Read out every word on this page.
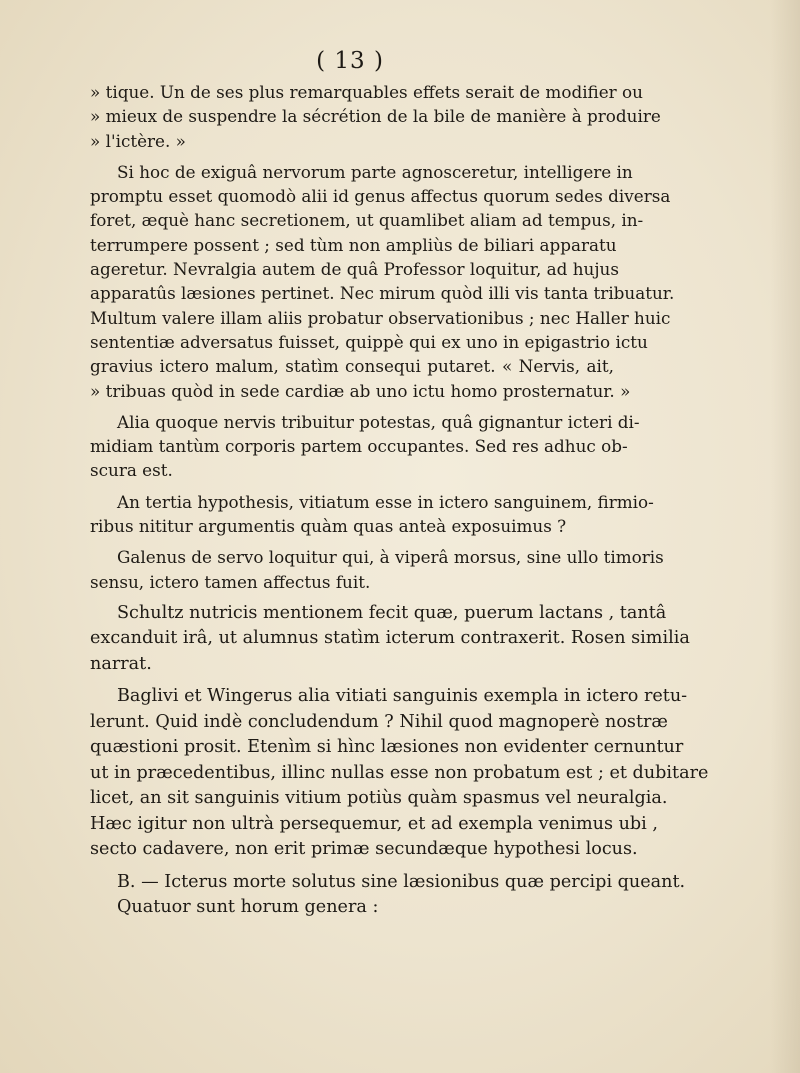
( 13 )
» tique. Un de ses plus remarquables effets serait de modifier ou
» mieux de suspendre la sécrétion de la bile de manière à produire
» l'ictère. »
Si hoc de exiguâ nervorum parte agnosceretur, intelligere in
promptu esset quomodò alii id genus affectus quorum sedes diversa
foret, æquè hanc secretionem, ut quamlibet aliam ad tempus, in-
terrumpere possent ; sed tùm non ampliùs de biliari apparatu
ageretur. Nevralgia autem de quâ Professor loquitur, ad hujus
apparatûs læsiones pertinet. Nec mirum quòd illi vis tanta tribuatur.
Multum valere illam aliis probatur observationibus ; nec Haller huic
sententiæ adversatus fuisset, quippè qui ex uno in epigastrio ictu
gravius ictero malum, statìm consequi putaret. « Nervis, ait,
» tribuas quòd in sede cardiæ ab uno ictu homo prosternatur. »
Alia quoque nervis tribuitur potestas, quâ gignantur icteri di-
midiam tantùm corporis partem occupantes. Sed res adhuc ob-
scura est.
An tertia hypothesis, vitiatum esse in ictero sanguinem, firmio-
ribus nititur argumentis quàm quas anteà exposuimus ?
Galenus de servo loquitur qui, à viperâ morsus, sine ullo timoris
sensu, ictero tamen affectus fuit.
Schultz nutricis mentionem fecit quæ, puerum lactans , tantâ
excanduit irâ, ut alumnus statìm icterum contraxerit. Rosen similia
narrat.
Baglivi et Wingerus alia vitiati sanguinis exempla in ictero retu-
lerunt. Quid indè concludendum ? Nihil quod magnoperè nostræ
quæstioni prosit. Etenìm si hìnc læsiones non evidenter cernuntur
ut in præcedentibus, illinc nullas esse non probatum est ; et dubitare
licet, an sit sanguinis vitium potiùs quàm spasmus vel neuralgia.
Hæc igitur non ultrà persequemur, et ad exempla venimus ubi ,
secto cadavere, non erit primæ secundæque hypothesi locus.
B. — Icterus morte solutus sine læsionibus quæ percipi queant.
Quatuor sunt horum genera :
